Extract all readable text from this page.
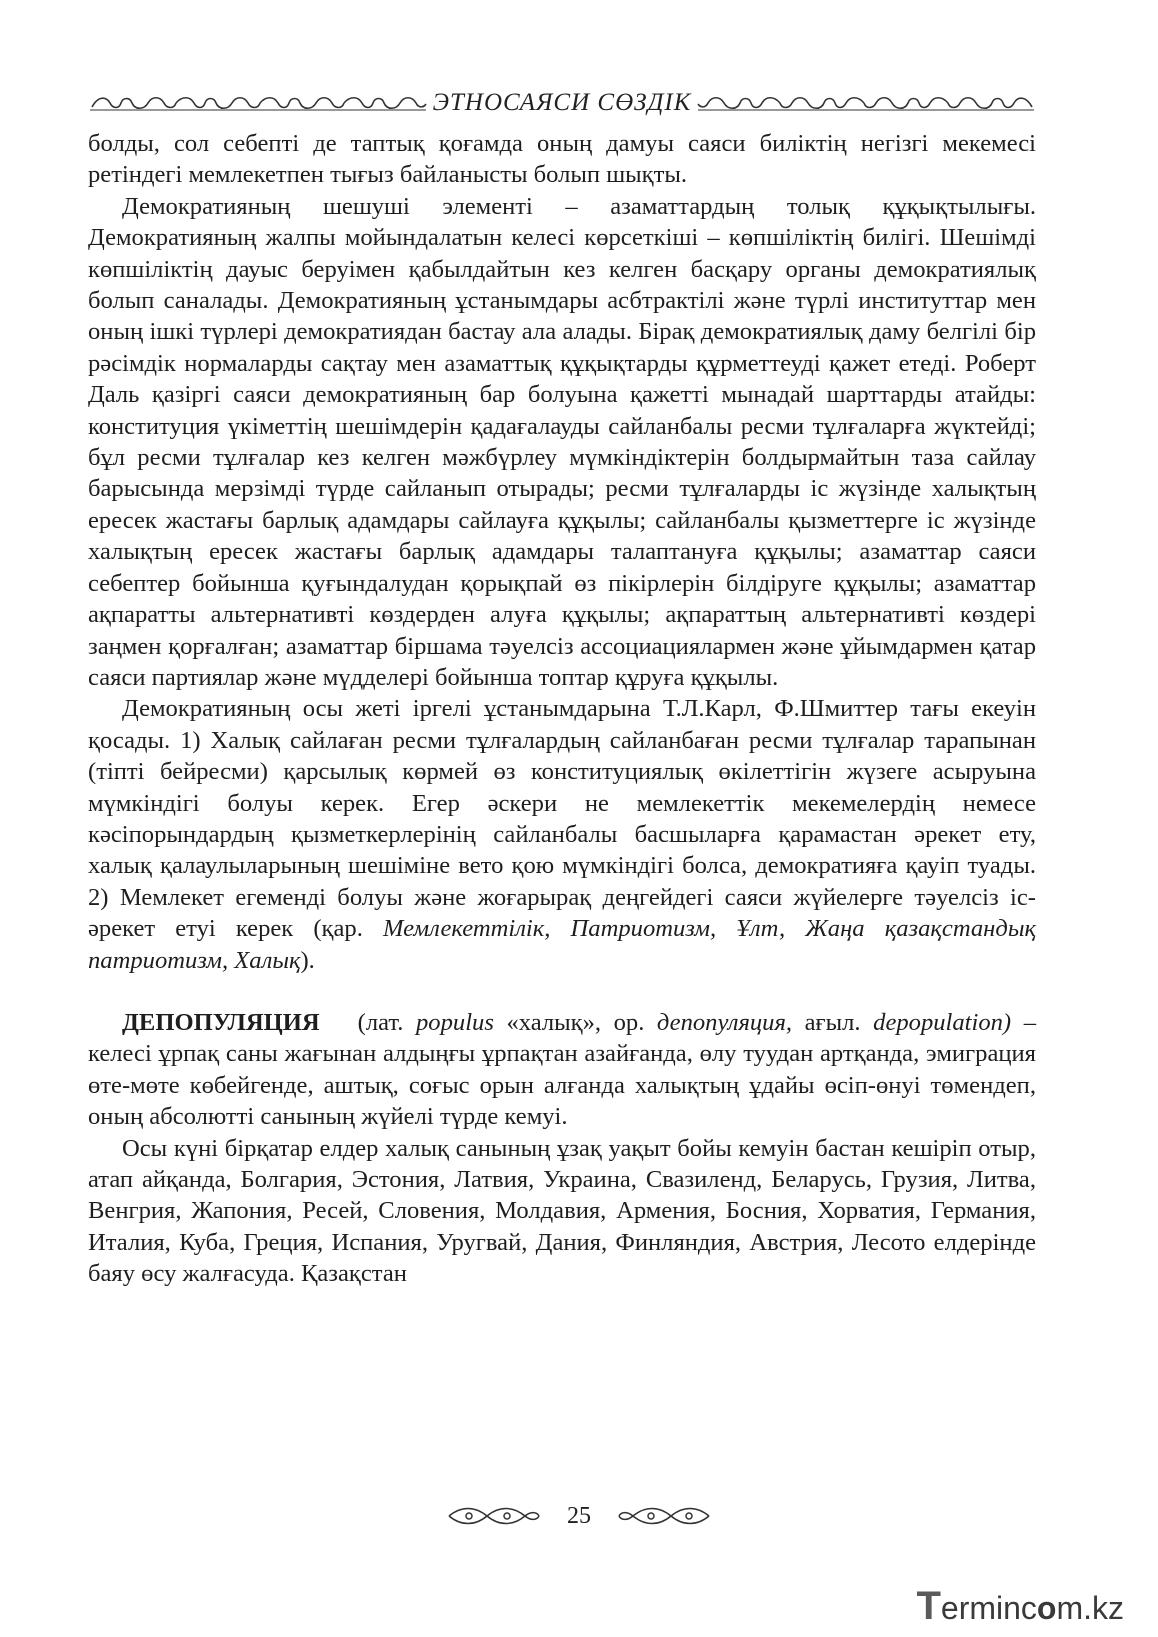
ЭТНОСАЯСИ СӨЗДІК

болды, сол себепті де таптық қоғамда оның дамуы саяси биліктің негізгі мекемесі ретіндегі мемлекетпен тығыз байланысты болып шықты.

Демократияның шешуші элементі – азаматтардың толық құқықтылығы. Демократияның жалпы мойындалатын келесі көрсеткіші – көпшіліктің билігі. Шешімді көпшіліктің дауыс беруімен қабылдайтын кез келген басқару органы демократиялық болып саналады. Демократияның ұстанымдары асбтрактілі және түрлі институттар мен оның ішкі түрлері демократиядан бастау ала алады. Бірақ демократиялық даму белгілі бір рәсімдік нормаларды сақтау мен азаматтық құқықтарды құрметтеуді қажет етеді. Роберт Даль қазіргі саяси демократияның бар болуына қажетті мынадай шарттарды атайды: конституция үкіметтің шешімдерін қадағалауды сайланбалы ресми тұлғаларға жүктейді; бұл ресми тұлғалар кез келген мәжбүрлеу мүмкіндіктерін болдырмайтын таза сайлау барысында мерзімді түрде сайланып отырады; ресми тұлғаларды іс жүзінде халықтың ересек жастағы барлық адамдары сайлауға құқылы; сайланбалы қызметтерге іс жүзінде халықтың ересек жастағы барлық адамдары талаптануға құқылы; азаматтар саяси себептер бойынша қуғындалудан қорықпай өз пікірлерін білдіруге құқылы; азаматтар ақпаратты альтернативті көздерден алуға құқылы; ақпараттың альтернативті көздері заңмен қорғалған; азаматтар біршама тәуелсіз ассоциациялармен және ұйымдармен қатар саяси партиялар және мүдделері бойынша топтар құруға құқылы.

Демократияның осы жеті іргелі ұстанымдарына Т.Л.Карл, Ф.Шмиттер тағы екеуін қосады. 1) Халық сайлаған ресми тұлғалардың сайланбаған ресми тұлғалар тарапынан (тіпті бейресми) қарсылық көрмей өз конституциялық өкілеттігін жүзеге асыруына мүмкіндігі болуы керек. Егер әскери не мемлекеттік мекемелердің немесе кәсіпорындардың қызметкерлерінің сайланбалы басшыларға қарамастан әрекет ету, халық қалаулыларының шешіміне вето қою мүмкіндігі болса, демократияға қауіп туады. 2) Мемлекет егеменді болуы және жоғарырақ деңгейдегі саяси жүйелерге тәуелсіз іс-әрекет етуі керек (қар. Мемлекеттілік, Патриотизм, Ұлт, Жаңа қазақстандық патриотизм, Халық).

ДЕПОПУЛЯЦИЯ (лат. populus «халық», ор. депопуляция, ағыл. depopulation) – келесі ұрпақ саны жағынан алдыңғы ұрпақтан азайғанда, өлу туудан артқанда, эмиграция өте-мөте көбейгенде, аштық, соғыс орын алғанда халықтың ұдайы өсіп-өнуі төмендеп, оның абсолютті санының жүйелі түрде кемуі.

Осы күні бірқатар елдер халық санының ұзақ уақыт бойы кемуін бастан кешіріп отыр, атап айқанда, Болгария, Эстония, Латвия, Украина, Свазиленд, Беларусь, Грузия, Литва, Венгрия, Жапония, Ресей, Словения, Молдавия, Армения, Босния, Хорватия, Германия, Италия, Куба, Греция, Испания, Уругвай, Дания, Финляндия, Австрия, Лесото елдерінде баяу өсу жалғасуда. Қазақстан

25
T erminc o m.kz
